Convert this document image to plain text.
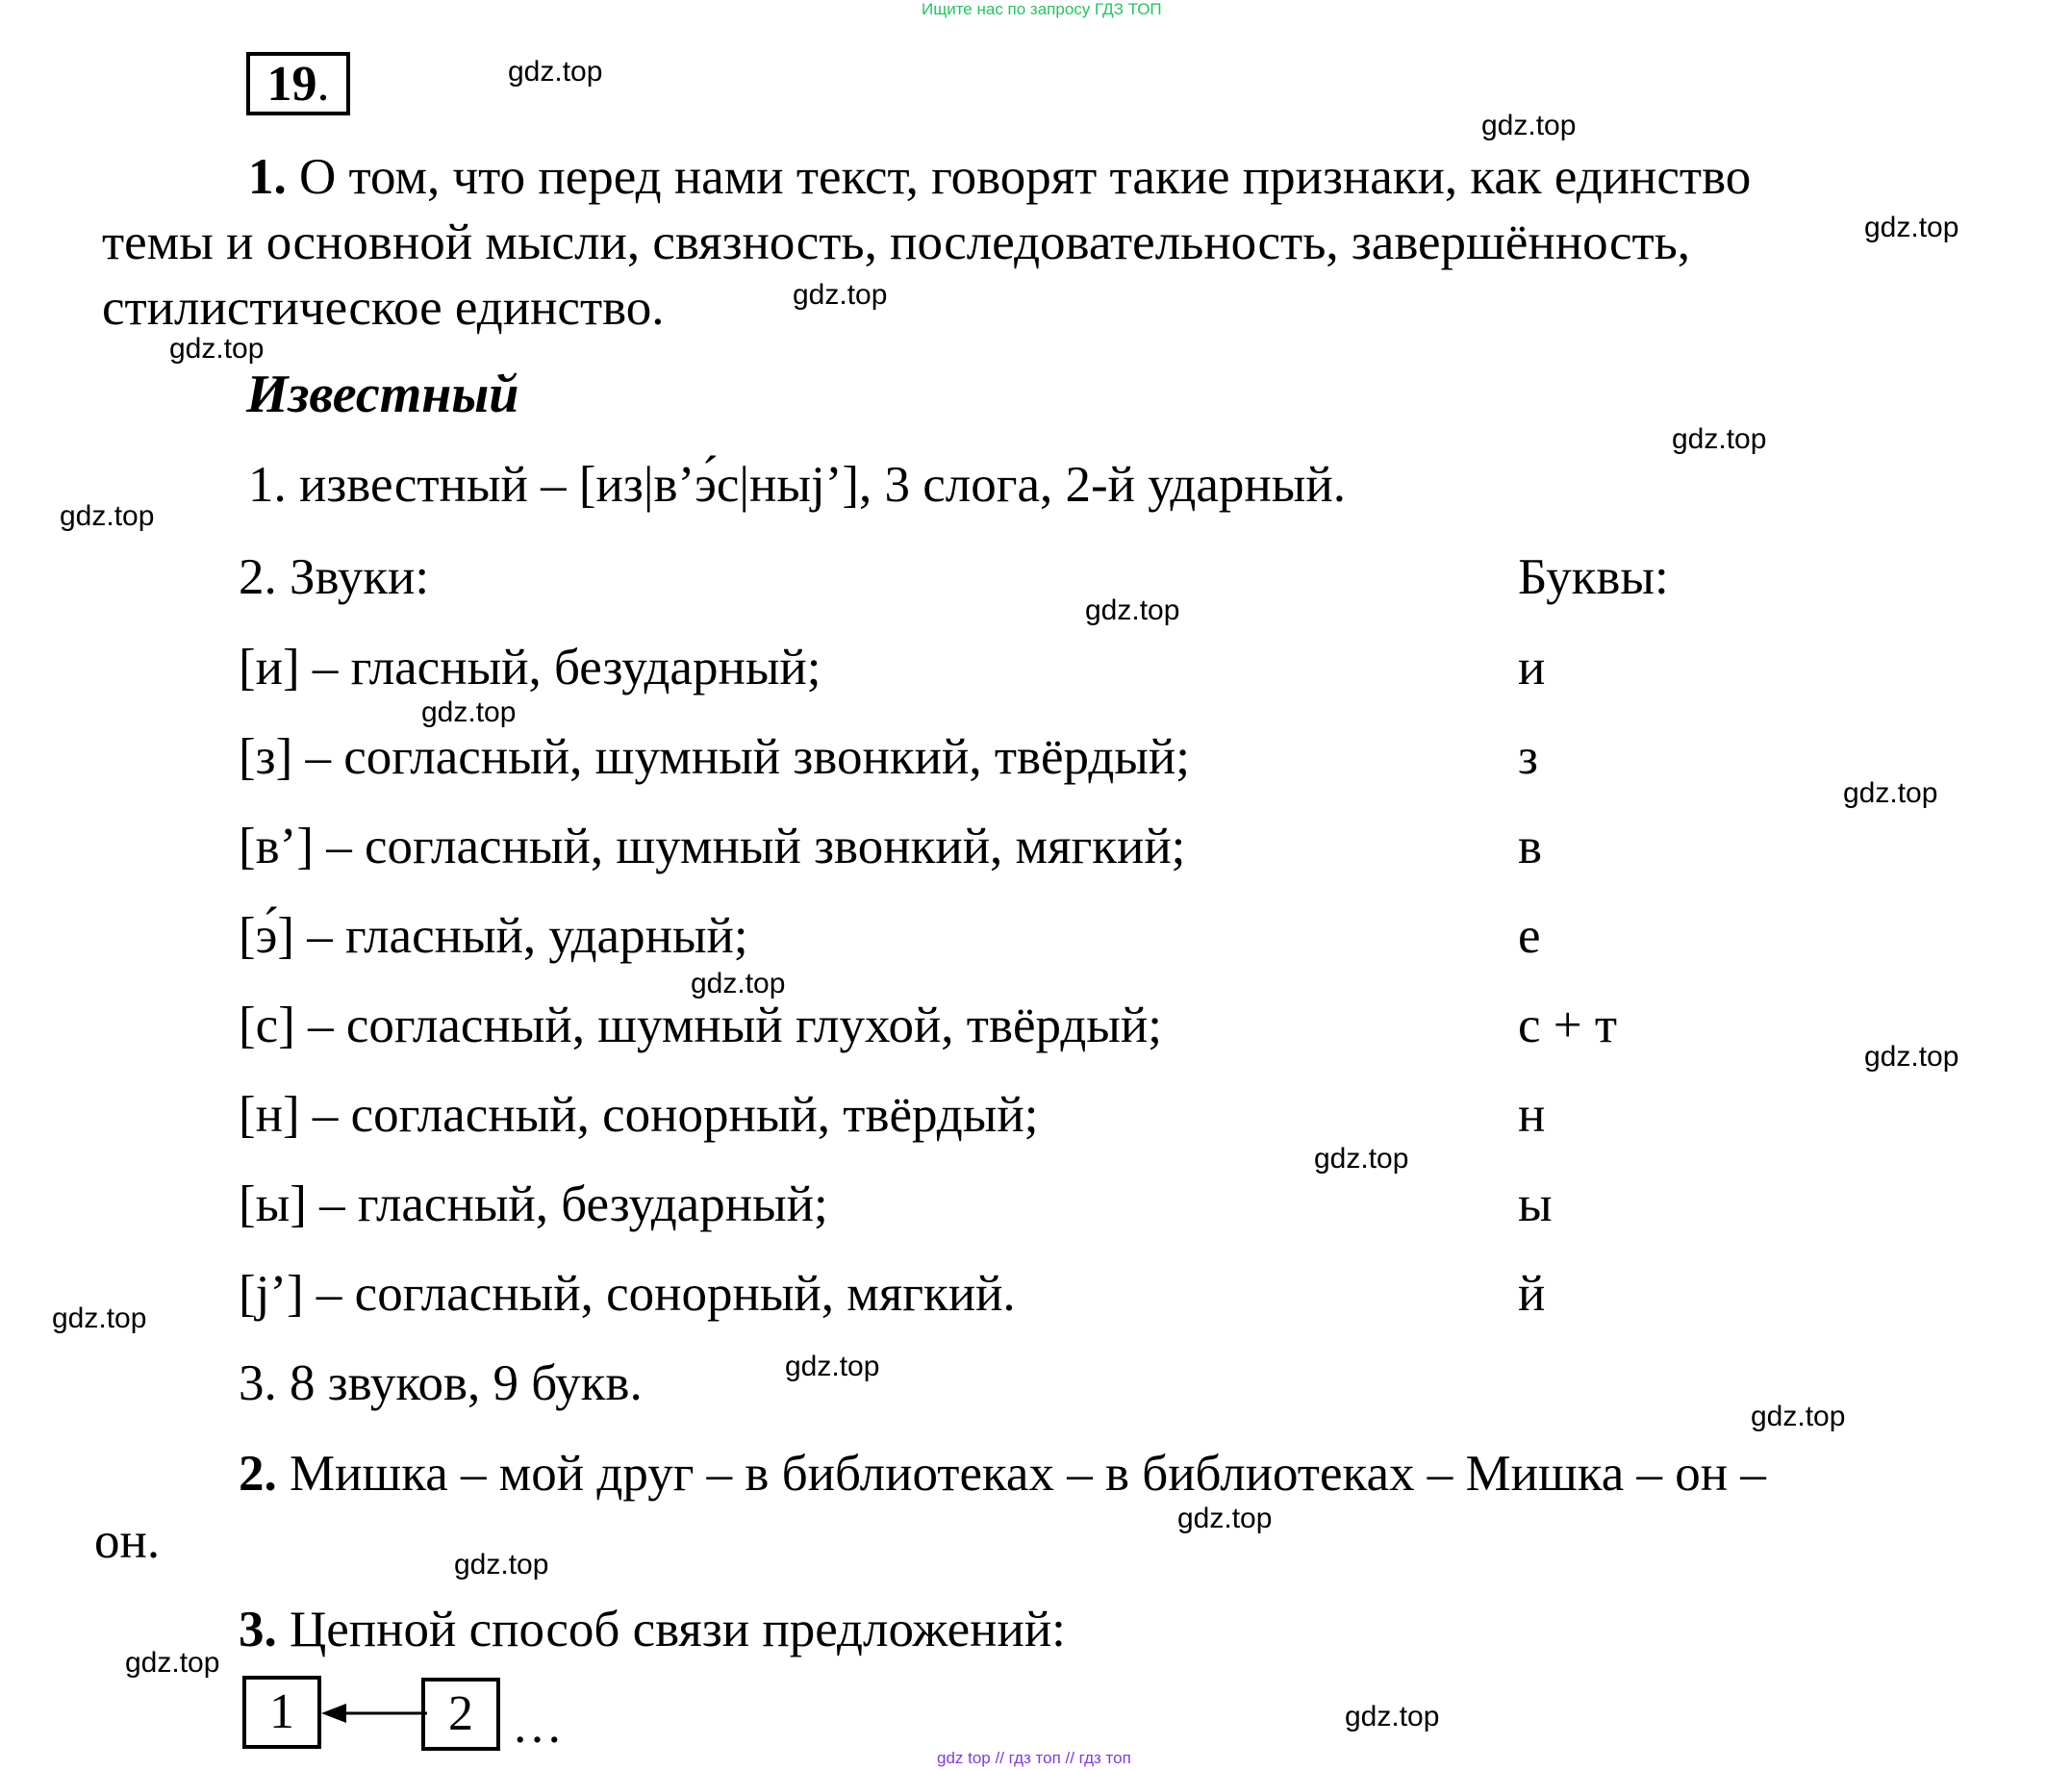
Ищите нас по запросу ГДЗ ТОП
19.
1. О том, что перед нами текст, говорят такие признаки, как единство
темы и основной мысли, связность, последовательность, завершённость,
стилистическое единство.
Известный
1. известный – [из|в’э́с|ныj’], 3 слога, 2-й ударный.
2. Звуки:	Буквы:
[и] – гласный, безударный;	и
[з] – согласный, шумный звонкий, твёрдый;	з
[в’] – согласный, шумный звонкий, мягкий;	в
[э́] – гласный, ударный;	е
[с] – согласный, шумный глухой, твёрдый;	с + т
[н] – согласный, сонорный, твёрдый;	н
[ы] – гласный, безударный;	ы
[j’] – согласный, сонорный, мягкий.	й
3. 8 звуков, 9 букв.
2. Мишка – мой друг – в библиотеках – в библиотеках – Мишка – он –
он.
3. Цепной способ связи предложений:
1	2 …
gdz.top
gdz.top
gdz.top
gdz.top
gdz.top
gdz.top
gdz.top
gdz.top
gdz.top
gdz.top
gdz.top
gdz.top
gdz.top
gdz.top
gdz.top
gdz.top
gdz.top
gdz.top
gdz.top
gdz.top
gdz top // гдз топ // гдз топ
